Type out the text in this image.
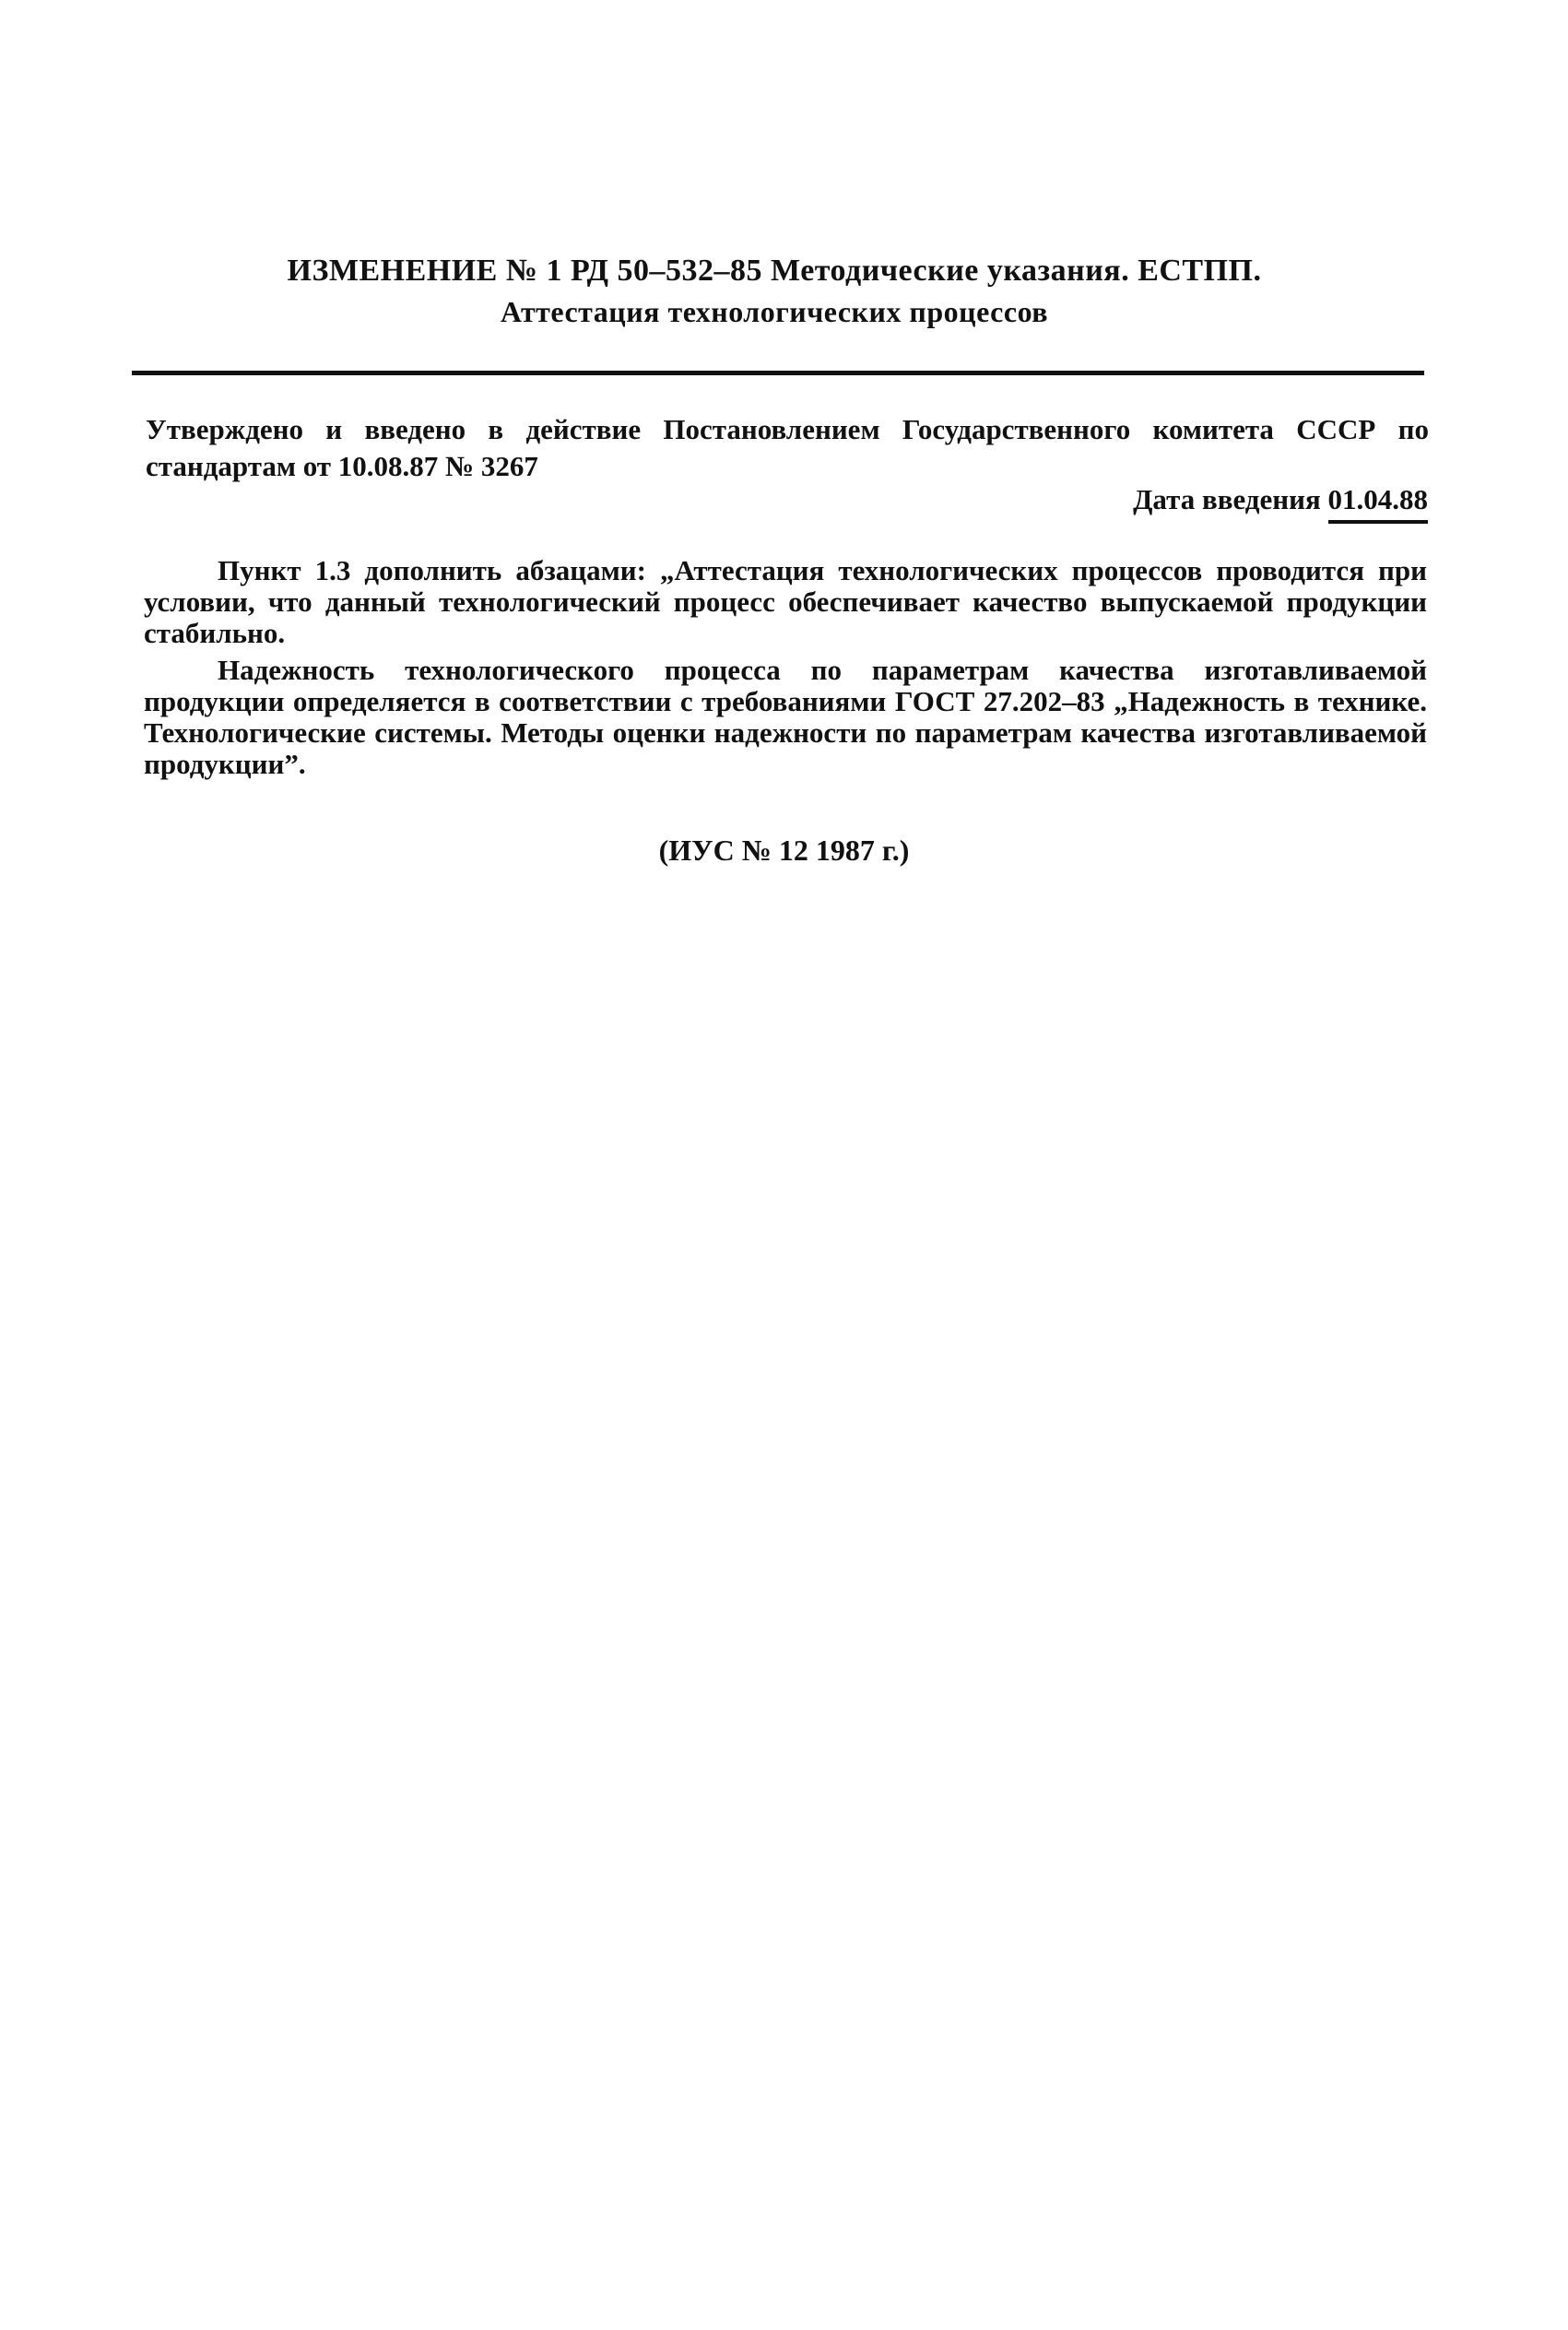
ИЗМЕНЕНИЕ № 1 РД 50–532–85 Методические указания. ЕСТПП.
Аттестация технологических процессов
Утверждено и введено в действие Постановлением Государственного комитета СССР по стандартам от 10.08.87 № 3267
Дата введения 01.04.88

Пункт 1.3 дополнить абзацами: „Аттестация технологических процессов проводится при условии, что данный технологический процесс обеспечивает качество выпускаемой продукции стабильно.

Надежность технологического процесса по параметрам качества изготавливаемой продукции определяется в соответствии с требованиями ГОСТ 27.202–83 „Надежность в технике. Технологические системы. Методы оценки надежности по параметрам качества изготавливаемой продукции”.

(ИУС № 12 1987 г.)
